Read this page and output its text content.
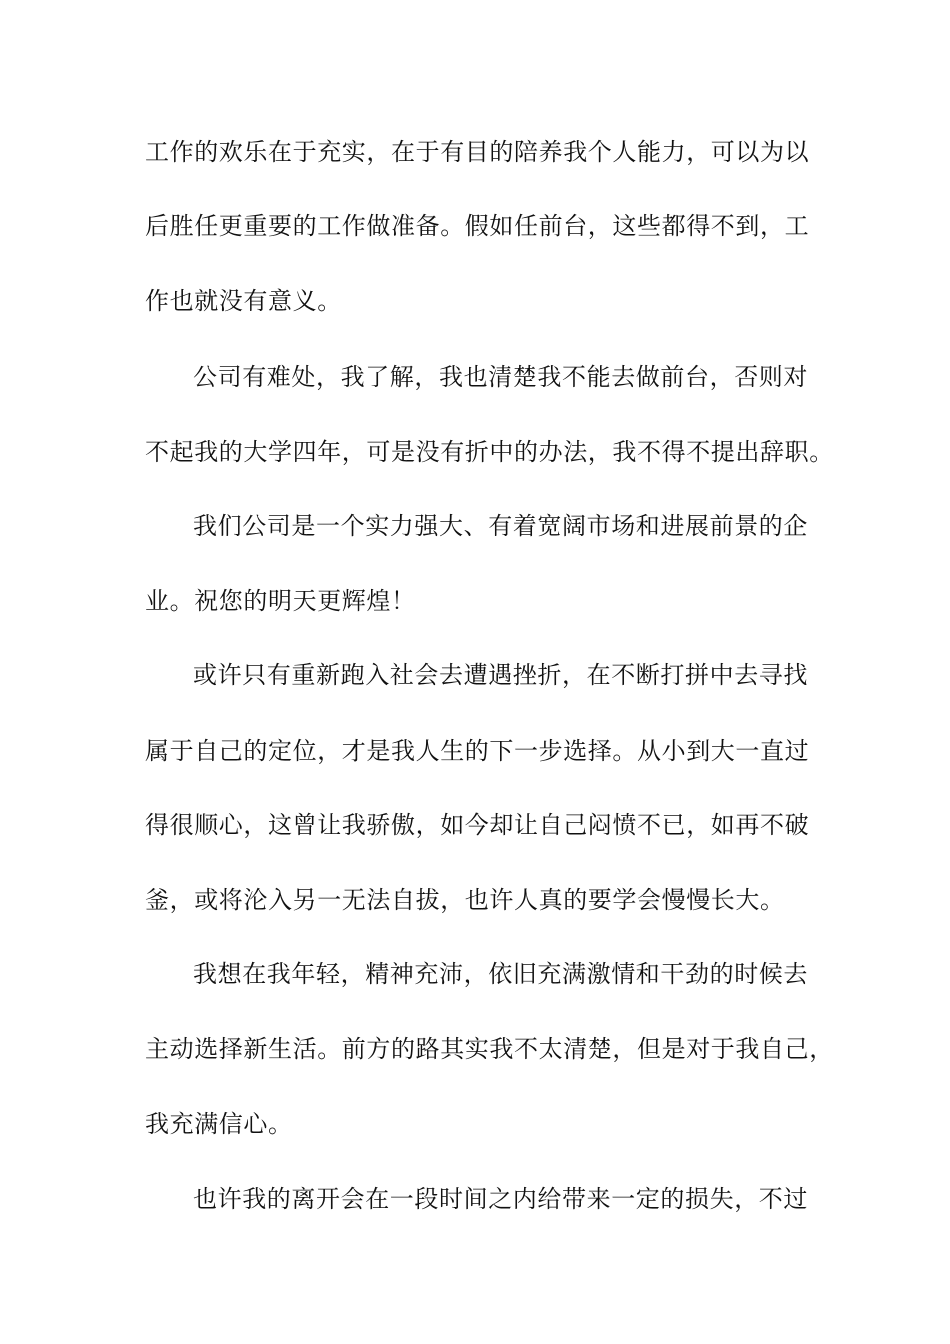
工作的欢乐在于充实，在于有目的陪养我个人能力，可以为以
后胜任更重要的工作做准备。假如任前台，这些都得不到，工
作也就没有意义。
公司有难处，我了解，我也清楚我不能去做前台，否则对
不起我的大学四年，可是没有折中的办法，我不得不提出辞职。
我们公司是一个实力强大、有着宽阔市场和进展前景的企
业。祝您的明天更辉煌！
或许只有重新跑入社会去遭遇挫折，在不断打拼中去寻找
属于自己的定位，才是我人生的下一步选择。从小到大一直过
得很顺心，这曾让我骄傲，如今却让自己闷愤不已，如再不破
釜，或将沦入另一无法自拔，也许人真的要学会慢慢长大。
我想在我年轻，精神充沛，依旧充满激情和干劲的时候去
主动选择新生活。前方的路其实我不太清楚，但是对于我自己，
我充满信心。
也许我的离开会在一段时间之内给带来一定的损失，不过
